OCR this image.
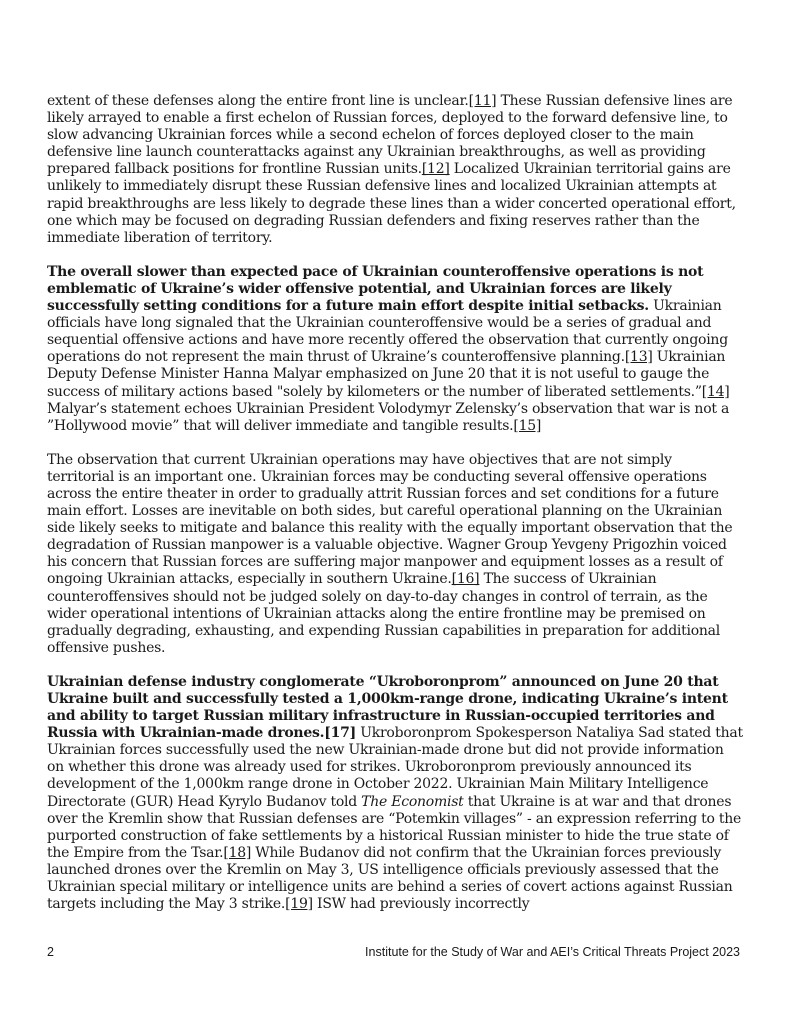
extent of these defenses along the entire front line is unclear.[11] These Russian defensive lines are likely arrayed to enable a first echelon of Russian forces, deployed to the forward defensive line, to slow advancing Ukrainian forces while a second echelon of forces deployed closer to the main defensive line launch counterattacks against any Ukrainian breakthroughs, as well as providing prepared fallback positions for frontline Russian units.[12] Localized Ukrainian territorial gains are unlikely to immediately disrupt these Russian defensive lines and localized Ukrainian attempts at rapid breakthroughs are less likely to degrade these lines than a wider concerted operational effort, one which may be focused on degrading Russian defenders and fixing reserves rather than the immediate liberation of territory.

The overall slower than expected pace of Ukrainian counteroffensive operations is not emblematic of Ukraine’s wider offensive potential, and Ukrainian forces are likely successfully setting conditions for a future main effort despite initial setbacks. Ukrainian officials have long signaled that the Ukrainian counteroffensive would be a series of gradual and sequential offensive actions and have more recently offered the observation that currently ongoing operations do not represent the main thrust of Ukraine’s counteroffensive planning.[13] Ukrainian Deputy Defense Minister Hanna Malyar emphasized on June 20 that it is not useful to gauge the success of military actions based "solely by kilometers or the number of liberated settlements.”[14] Malyar’s statement echoes Ukrainian President Volodymyr Zelensky’s observation that war is not a ”Hollywood movie” that will deliver immediate and tangible results.[15]

The observation that current Ukrainian operations may have objectives that are not simply territorial is an important one. Ukrainian forces may be conducting several offensive operations across the entire theater in order to gradually attrit Russian forces and set conditions for a future main effort. Losses are inevitable on both sides, but careful operational planning on the Ukrainian side likely seeks to mitigate and balance this reality with the equally important observation that the degradation of Russian manpower is a valuable objective. Wagner Group Yevgeny Prigozhin voiced his concern that Russian forces are suffering major manpower and equipment losses as a result of ongoing Ukrainian attacks, especially in southern Ukraine.[16] The success of Ukrainian counteroffensives should not be judged solely on day-to-day changes in control of terrain, as the wider operational intentions of Ukrainian attacks along the entire frontline may be premised on gradually degrading, exhausting, and expending Russian capabilities in preparation for additional offensive pushes.

Ukrainian defense industry conglomerate “Ukroboronprom” announced on June 20 that Ukraine built and successfully tested a 1,000km-range drone, indicating Ukraine’s intent and ability to target Russian military infrastructure in Russian-occupied territories and Russia with Ukrainian-made drones.[17] Ukroboronprom Spokesperson Nataliya Sad stated that Ukrainian forces successfully used the new Ukrainian-made drone but did not provide information on whether this drone was already used for strikes. Ukroboronprom previously announced its development of the 1,000km range drone in October 2022. Ukrainian Main Military Intelligence Directorate (GUR) Head Kyrylo Budanov told The Economist that Ukraine is at war and that drones over the Kremlin show that Russian defenses are “Potemkin villages” - an expression referring to the purported construction of fake settlements by a historical Russian minister to hide the true state of the Empire from the Tsar.[18] While Budanov did not confirm that the Ukrainian forces previously launched drones over the Kremlin on May 3, US intelligence officials previously assessed that the Ukrainian special military or intelligence units are behind a series of covert actions against Russian targets including the May 3 strike.[19] ISW had previously incorrectly

2	Institute for the Study of War and AEI’s Critical Threats Project 2023
